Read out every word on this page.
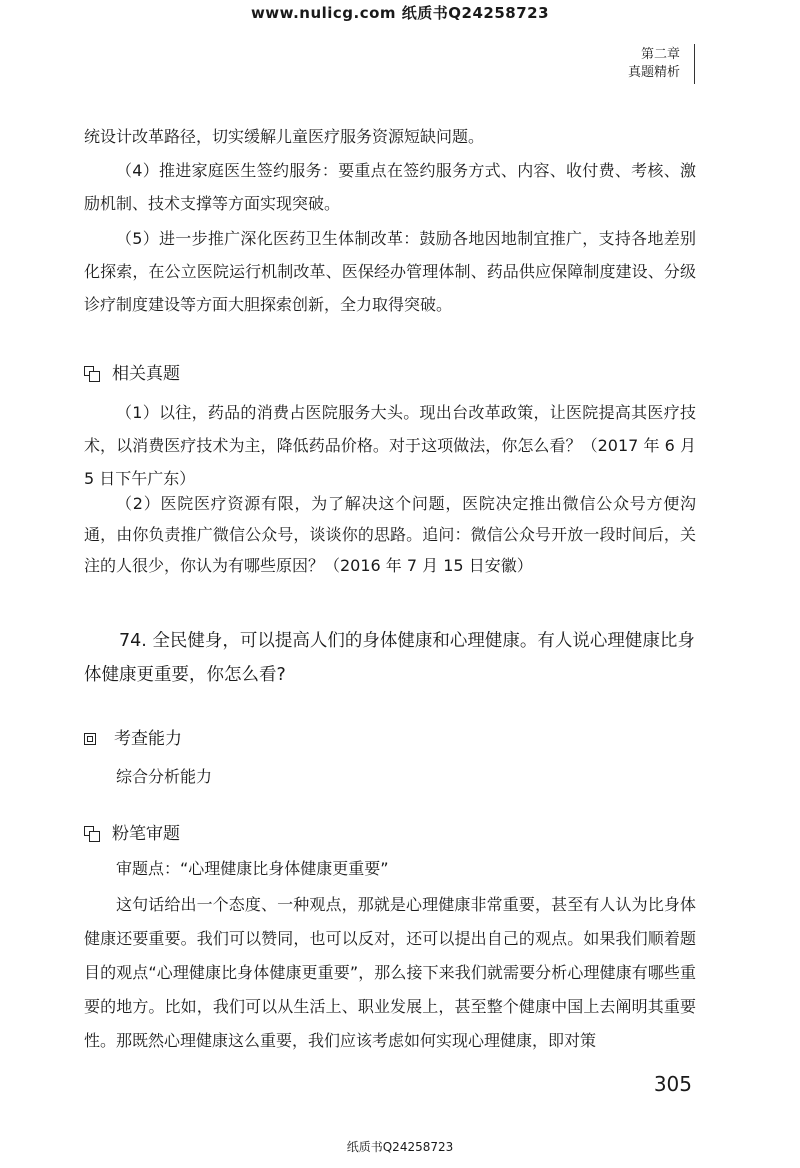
www.nulicg.com 纸质书Q24258723
第二章
真题精析

统设计改革路径，切实缓解儿童医疗服务资源短缺问题。

（4）推进家庭医生签约服务：要重点在签约服务方式、内容、收付费、考核、激励机制、技术支撑等方面实现突破。

（5）进一步推广深化医药卫生体制改革：鼓励各地因地制宜推广，支持各地差别化探索，在公立医院运行机制改革、医保经办管理体制、药品供应保障制度建设、分级诊疗制度建设等方面大胆探索创新，全力取得突破。

相关真题

（1）以往，药品的消费占医院服务大头。现出台改革政策，让医院提高其医疗技术，以消费医疗技术为主，降低药品价格。对于这项做法，你怎么看？（2017 年 6 月 5 日下午广东）

（2）医院医疗资源有限，为了解决这个问题，医院决定推出微信公众号方便沟通，由你负责推广微信公众号，谈谈你的思路。追问：微信公众号开放一段时间后，关注的人很少，你认为有哪些原因？（2016 年 7 月 15 日安徽）

74. 全民健身，可以提高人们的身体健康和心理健康。有人说心理健康比身体健康更重要，你怎么看?

考查能力
综合分析能力
粉笔审题
审题点：“心理健康比身体健康更重要”

这句话给出一个态度、一种观点，那就是心理健康非常重要，甚至有人认为比身体健康还要重要。我们可以赞同，也可以反对，还可以提出自己的观点。如果我们顺着题目的观点“心理健康比身体健康更重要”，那么接下来我们就需要分析心理健康有哪些重要的地方。比如，我们可以从生活上、职业发展上，甚至整个健康中国上去阐明其重要性。那既然心理健康这么重要，我们应该考虑如何实现心理健康，即对策

305
纸质书Q24258723
